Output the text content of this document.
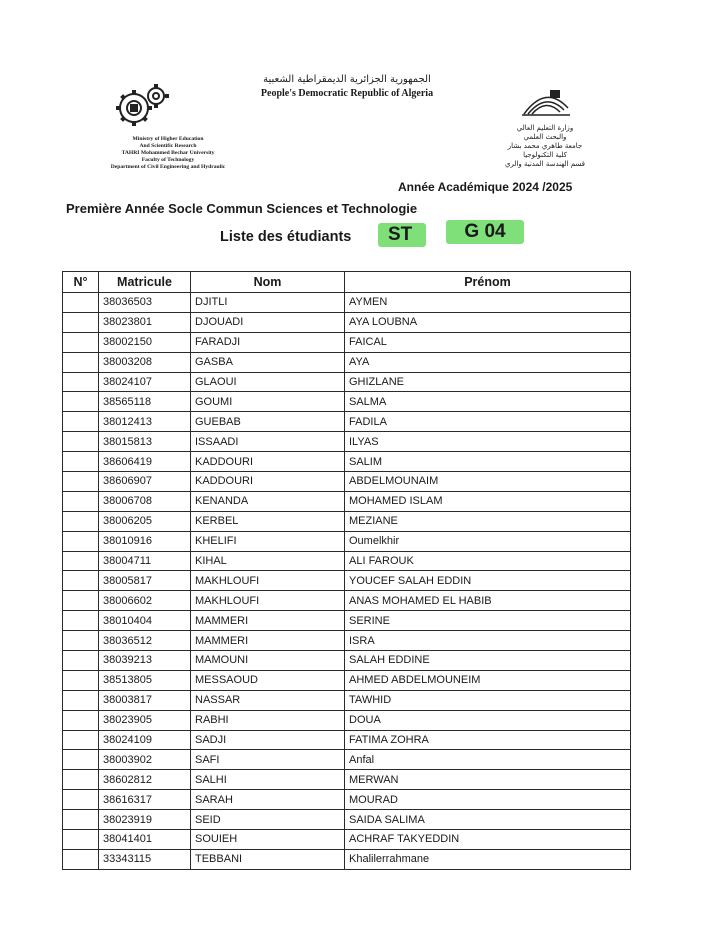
الجمهورية الجزائرية الديمقراطية الشعبية
People's Democratic Republic of Algeria
Ministry of Higher Education
And Scientific Research
TAHRI Mohammed Bechar University
Faculty of Technology
Department of Civil Engineering and Hydraulic
وزارة التعليم العالي
والبحث العلمي
جامعة طاهري محمد بشار
كلية التكنولوجيا
قسم الهندسة المدنية والري
Année Académique 2024 /2025
Première Année Socle Commun Sciences et Technologie
Liste des étudiants	ST	G 04
N°	Matricule	Nom	Prénom
	38036503	DJITLI	AYMEN
	38023801	DJOUADI	AYA LOUBNA
	38002150	FARADJI	FAICAL
	38003208	GASBA	AYA
	38024107	GLAOUI	GHIZLANE
	38565118	GOUMI	SALMA
	38012413	GUEBAB	FADILA
	38015813	ISSAADI	ILYAS
	38606419	KADDOURI	SALIM
	38606907	KADDOURI	ABDELMOUNAIM
	38006708	KENANDA	MOHAMED ISLAM
	38006205	KERBEL	MEZIANE
	38010916	KHELIFI	Oumelkhir
	38004711	KIHAL	ALI FAROUK
	38005817	MAKHLOUFI	YOUCEF SALAH EDDIN
	38006602	MAKHLOUFI	ANAS MOHAMED EL HABIB
	38010404	MAMMERI	SERINE
	38036512	MAMMERI	ISRA
	38039213	MAMOUNI	SALAH EDDINE
	38513805	MESSAOUD	AHMED ABDELMOUNEIM
	38003817	NASSAR	TAWHID
	38023905	RABHI	DOUA
	38024109	SADJI	FATIMA ZOHRA
	38003902	SAFI	Anfal
	38602812	SALHI	MERWAN
	38616317	SARAH	MOURAD
	38023919	SEID	SAIDA SALIMA
	38041401	SOUIEH	ACHRAF TAKYEDDIN
	33343115	TEBBANI	Khalilerrahmane
